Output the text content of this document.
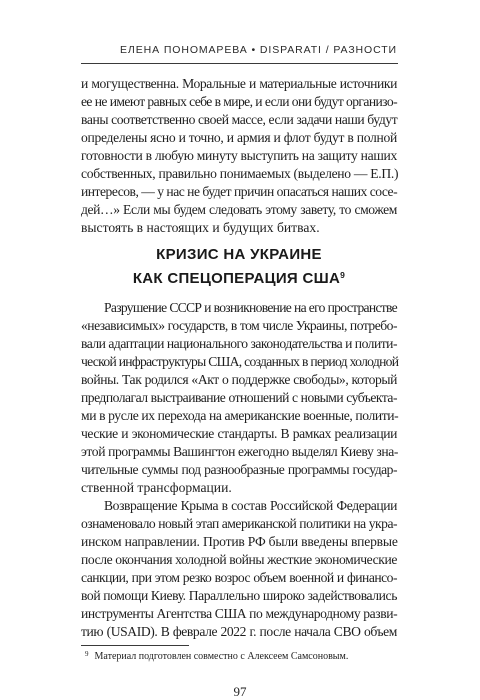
ЕЛЕНА ПОНОМАРЕВА • DISPARATI / РАЗНОСТИ
и могущественна. Моральные и материальные источники
ее не имеют равных себе в мире, и если они будут организо-
ваны соответственно своей массе, если задачи наши будут
определены ясно и точно, и армия и флот будут в полной
готовности в любую минуту выступить на защиту наших
собственных, правильно понимаемых (выделено — Е.П.)
интересов, — у нас не будет причин опасаться наших сосе-
дей…» Если мы будем следовать этому завету, то сможем
выстоять в настоящих и будущих битвах.
КРИЗИС НА УКРАИНЕ
КАК СПЕЦОПЕРАЦИЯ США$^9$
Разрушение СССР и возникновение на его пространстве
«независимых» государств, в том числе Украины, потребо-
вали адаптации национального законодательства и полити-
ческой инфраструктуры США, созданных в период холодной
войны. Так родился «Акт о поддержке свободы», который
предполагал выстраивание отношений с новыми субъекта-
ми в русле их перехода на американские военные, полити-
ческие и экономические стандарты. В рамках реализации
этой программы Вашингтон ежегодно выделял Киеву зна-
чительные суммы под разнообразные программы государ-
ственной трансформации.
Возвращение Крыма в состав Российской Федерации
ознаменовало новый этап американской политики на укра-
инском направлении. Против РФ были введены впервые
после окончания холодной войны жесткие экономические
санкции, при этом резко возрос объем военной и финансо-
вой помощи Киеву. Параллельно широко задействовались
инструменты Агентства США по международному разви-
тию (USAID). В феврале 2022 г. после начала СВО объем
$^9$ Материал подготовлен совместно с Алексеем Самсоновым.
97
